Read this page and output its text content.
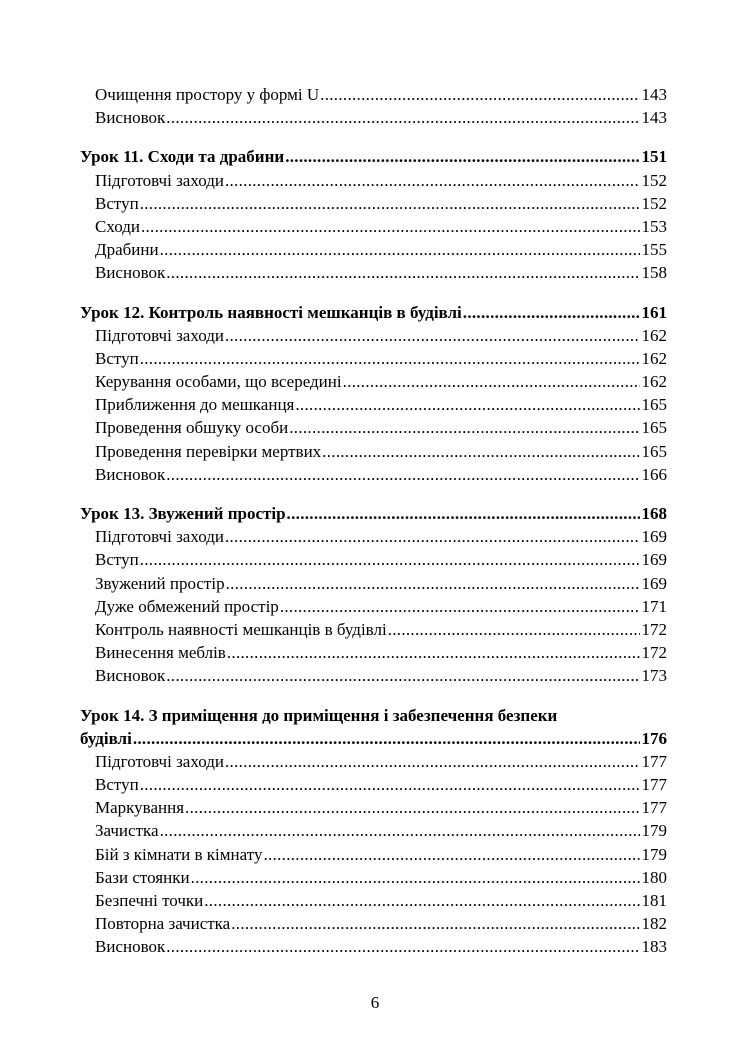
Очищення простору у формі U .....	143
Висновок .....	143
Урок 11. Сходи та драбини .....	151
Підготовчі заходи .....	152
Вступ .....	152
Сходи .....	153
Драбини .....	155
Висновок .....	158
Урок 12. Контроль наявності мешканців в будівлі .....	161
Підготовчі заходи .....	162
Вступ .....	162
Керування особами, що всередині .....	162
Приближення до мешканця .....	165
Проведення обшуку особи .....	165
Проведення перевірки мертвих .....	165
Висновок .....	166
Урок 13. Звужений простір .....	168
Підготовчі заходи .....	169
Вступ .....	169
Звужений простір .....	169
Дуже обмежений простір .....	171
Контроль наявності мешканців в будівлі .....	172
Винесення меблів .....	172
Висновок .....	173
Урок 14. З приміщення до приміщення і забезпечення безпеки
будівлі .....	176
Підготовчі заходи .....	177
Вступ .....	177
Маркування .....	177
Зачистка .....	179
Бій з кімнати в кімнату .....	179
Бази стоянки .....	180
Безпечні точки .....	181
Повторна зачистка .....	182
Висновок .....	183
6
